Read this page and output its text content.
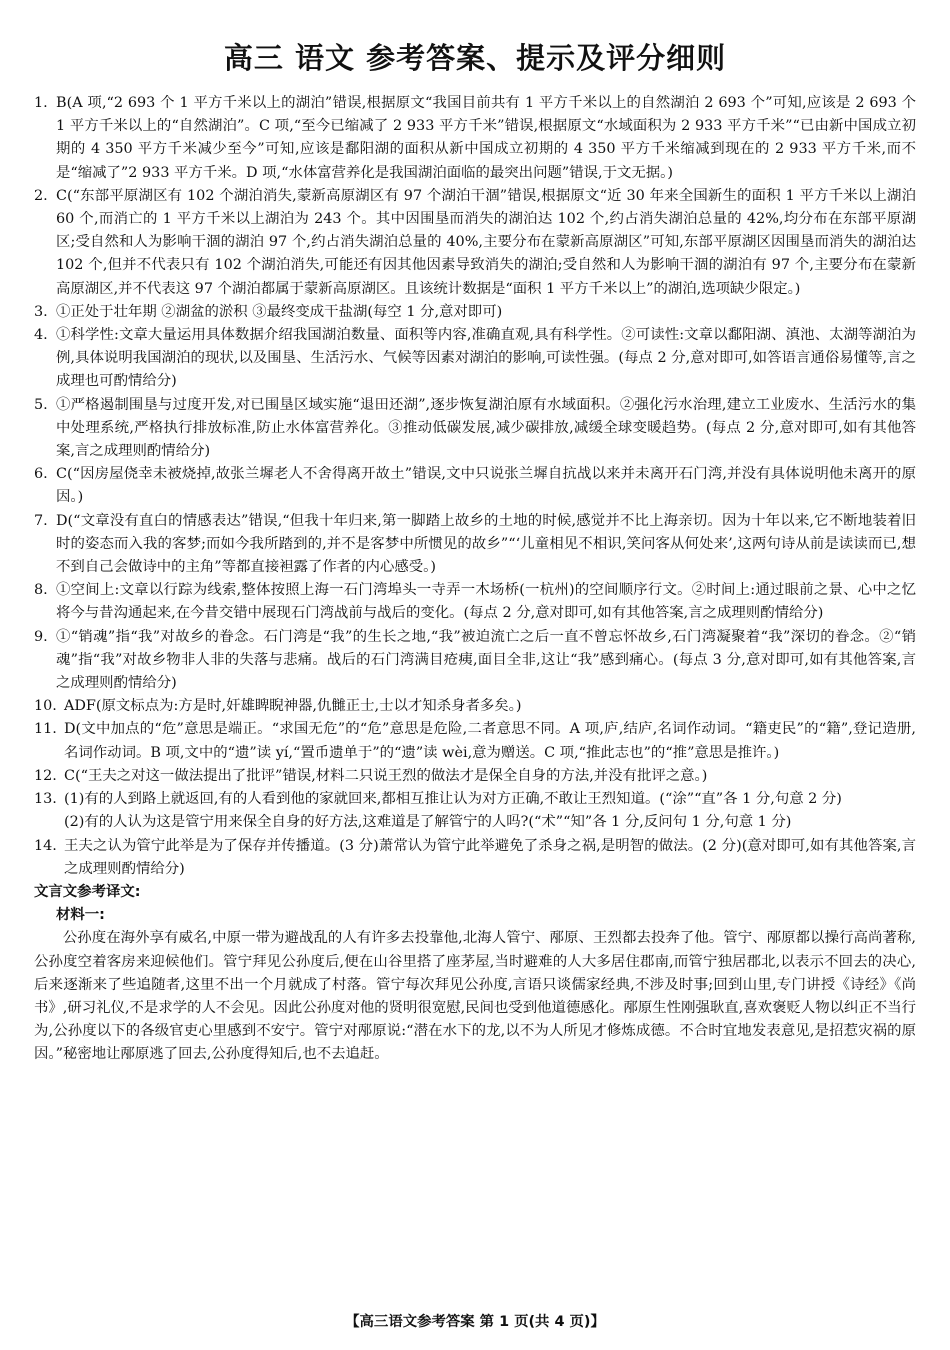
高三 语文 参考答案、提示及评分细则
1. B(A 项,“2 693 个 1 平方千米以上的湖泊”错误,根据原文“我国目前共有 1 平方千米以上的自然湖泊 2 693 个”可知,应该是 2 693 个 1 平方千米以上的“自然湖泊”。C 项,“至今已缩减了 2 933 平方千米”错误,根据原文“水域面积为 2 933 平方千米”“已由新中国成立初期的 4 350 平方千米减少至今”可知,应该是鄱阳湖的面积从新中国成立初期的 4 350 平方千米缩减到现在的 2 933 平方千米,而不是“缩减了”2 933 平方千米。D 项,“水体富营养化是我国湖泊面临的最突出问题”错误,于文无据。)

2. C(“东部平原湖区有 102 个湖泊消失,蒙新高原湖区有 97 个湖泊干涸”错误,根据原文“近 30 年来全国新生的面积 1 平方千米以上湖泊 60 个,而消亡的 1 平方千米以上湖泊为 243 个。其中因围垦而消失的湖泊达 102 个,约占消失湖泊总量的 42%,均分布在东部平原湖区;受自然和人为影响干涸的湖泊 97 个,约占消失湖泊总量的 40%,主要分布在蒙新高原湖区”可知,东部平原湖区因围垦而消失的湖泊达 102 个,但并不代表只有 102 个湖泊消失,可能还有因其他因素导致消失的湖泊;受自然和人为影响干涸的湖泊有 97 个,主要分布在蒙新高原湖区,并不代表这 97 个湖泊都属于蒙新高原湖区。且该统计数据是“面积 1 平方千米以上”的湖泊,选项缺少限定。)

3. ①正处于壮年期 ②湖盆的淤积 ③最终变成干盐湖(每空 1 分,意对即可)

4. ①科学性:文章大量运用具体数据介绍我国湖泊数量、面积等内容,准确直观,具有科学性。②可读性:文章以鄱阳湖、滇池、太湖等湖泊为例,具体说明我国湖泊的现状,以及围垦、生活污水、气候等因素对湖泊的影响,可读性强。(每点 2 分,意对即可,如答语言通俗易懂等,言之成理也可酌情给分)

5. ①严格遏制围垦与过度开发,对已围垦区域实施“退田还湖”,逐步恢复湖泊原有水域面积。②强化污水治理,建立工业废水、生活污水的集中处理系统,严格执行排放标准,防止水体富营养化。③推动低碳发展,减少碳排放,减缓全球变暖趋势。(每点 2 分,意对即可,如有其他答案,言之成理则酌情给分)

6. C(“因房屋侥幸未被烧掉,故张兰墀老人不舍得离开故土”错误,文中只说张兰墀自抗战以来并未离开石门湾,并没有具体说明他未离开的原因。)

7. D(“文章没有直白的情感表达”错误,“但我十年归来,第一脚踏上故乡的土地的时候,感觉并不比上海亲切。因为十年以来,它不断地装着旧时的姿态而入我的客梦;而如今我所踏到的,并不是客梦中所惯见的故乡”“‘儿童相见不相识,笑问客从何处来’,这两句诗从前是读读而已,想不到自己会做诗中的主角”等都直接袒露了作者的内心感受。)

8. ①空间上:文章以行踪为线索,整体按照上海一石门湾埠头一寺弄一木场桥(一杭州)的空间顺序行文。②时间上:通过眼前之景、心中之忆将今与昔沟通起来,在今昔交错中展现石门湾战前与战后的变化。(每点 2 分,意对即可,如有其他答案,言之成理则酌情给分)

9. ①“销魂”指“我”对故乡的眷念。石门湾是“我”的生长之地,“我”被迫流亡之后一直不曾忘怀故乡,石门湾凝聚着“我”深切的眷念。②“销魂”指“我”对故乡物非人非的失落与悲痛。战后的石门湾满目疮痍,面目全非,这让“我”感到痛心。(每点 3 分,意对即可,如有其他答案,言之成理则酌情给分)

10. ADF(原文标点为:方是时,奸雄睥睨神器,仇雠正士,士以才知杀身者多矣。)

11. D(文中加点的“危”意思是端正。“求国无危”的“危”意思是危险,二者意思不同。A 项,庐,结庐,名词作动词。“籍吏民”的“籍”,登记造册,名词作动词。B 项,文中的“遗”读 yí,“置币遗单于”的“遗”读 wèi,意为赠送。C 项,“推此志也”的“推”意思是推许。)

12. C(“王夫之对这一做法提出了批评”错误,材料二只说王烈的做法才是保全自身的方法,并没有批评之意。)

13. (1)有的人到路上就返回,有的人看到他的家就回来,都相互推让认为对方正确,不敢让王烈知道。(“涂”“直”各 1 分,句意 2 分)

(2)有的人认为这是管宁用来保全自身的好方法,这难道是了解管宁的人吗?(“术”“知”各 1 分,反问句 1 分,句意 1 分)

14. 王夫之认为管宁此举是为了保存并传播道。(3 分)萧常认为管宁此举避免了杀身之祸,是明智的做法。(2 分)(意对即可,如有其他答案,言之成理则酌情给分)

文言文参考译文:

材料一:

公孙度在海外享有威名,中原一带为避战乱的人有许多去投靠他,北海人管宁、邴原、王烈都去投奔了他。管宁、邴原都以操行高尚著称,公孙度空着客房来迎候他们。管宁拜见公孙度后,便在山谷里搭了座茅屋,当时避难的人大多居住郡南,而管宁独居郡北,以表示不回去的决心,后来逐渐来了些追随者,这里不出一个月就成了村落。管宁每次拜见公孙度,言语只谈儒家经典,不涉及时事;回到山里,专门讲授《诗经》《尚书》,研习礼仪,不是求学的人不会见。因此公孙度对他的贤明很宽慰,民间也受到他道德感化。邴原生性刚强耿直,喜欢褒贬人物以纠正不当行为,公孙度以下的各级官吏心里感到不安宁。管宁对邴原说:“潜在水下的龙,以不为人所见才修炼成德。不合时宜地发表意见,是招惹灾祸的原因。”秘密地让邴原逃了回去,公孙度得知后,也不去追赶。

【高三语文参考答案 第 1 页(共 4 页)】
